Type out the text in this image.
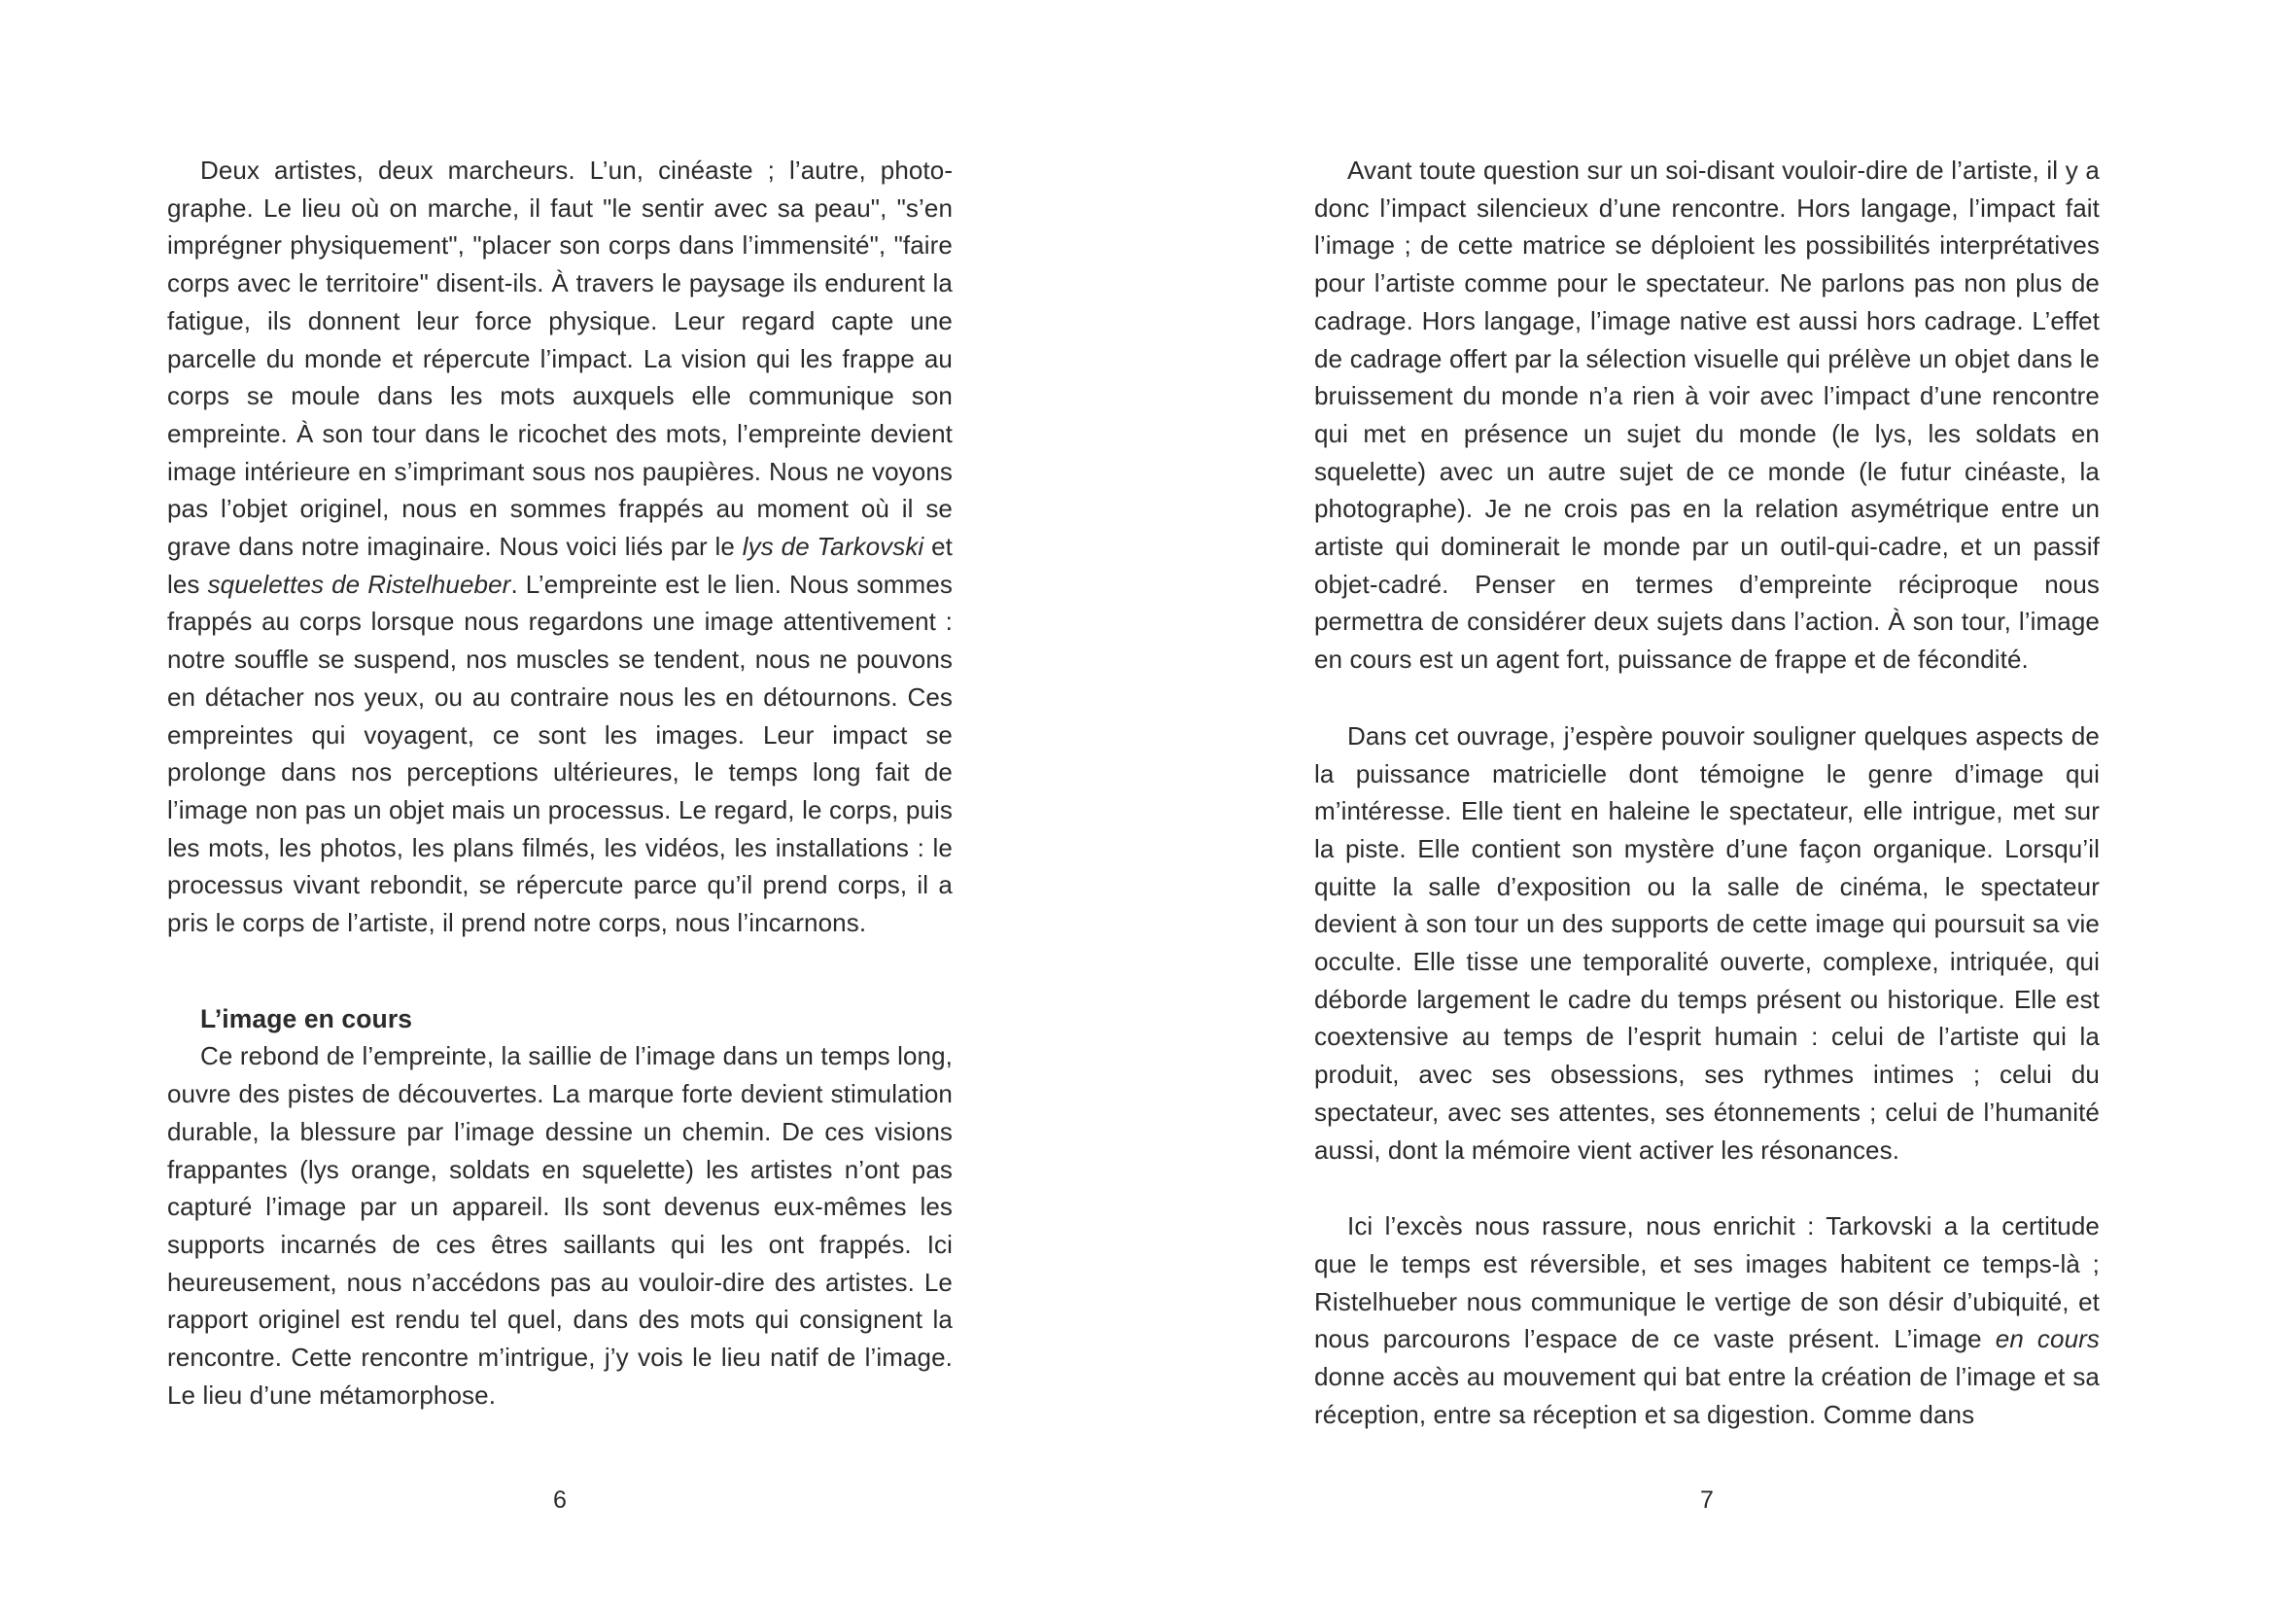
Deux artistes, deux marcheurs. L’un, cinéaste ; l’autre, photographe. Le lieu où on marche, il faut "le sentir avec sa peau", "s’en imprégner physiquement", "placer son corps dans l’immensité", "faire corps avec le territoire" disent-ils. À travers le paysage ils endurent la fatigue, ils donnent leur force physique. Leur regard capte une parcelle du monde et répercute l’impact. La vision qui les frappe au corps se moule dans les mots auxquels elle communique son empreinte. À son tour dans le ricochet des mots, l’empreinte devient image intérieure en s’imprimant sous nos paupières. Nous ne voyons pas l’objet originel, nous en sommes frappés au moment où il se grave dans notre imaginaire. Nous voici liés par le lys de Tarkovski et les squelettes de Ristelhueber. L’empreinte est le lien. Nous sommes frappés au corps lorsque nous regardons une image attentivement : notre souffle se suspend, nos muscles se tendent, nous ne pouvons en détacher nos yeux, ou au contraire nous les en détournons. Ces empreintes qui voyagent, ce sont les images. Leur impact se prolonge dans nos perceptions ultérieures, le temps long fait de l’image non pas un objet mais un processus. Le regard, le corps, puis les mots, les photos, les plans filmés, les vidéos, les installations : le processus vivant rebondit, se répercute parce qu’il prend corps, il a pris le corps de l’artiste, il prend notre corps, nous l’incarnons.

L’image en cours

Ce rebond de l’empreinte, la saillie de l’image dans un temps long, ouvre des pistes de découvertes. La marque forte devient stimulation durable, la blessure par l’image dessine un chemin. De ces visions frappantes (lys orange, soldats en squelette) les artistes n’ont pas capturé l’image par un appareil. Ils sont devenus eux-mêmes les supports incarnés de ces êtres saillants qui les ont frappés. Ici heureusement, nous n’accédons pas au vouloir-dire des artistes. Le rapport originel est rendu tel quel, dans des mots qui consignent la rencontre. Cette rencontre m’intrigue, j’y vois le lieu natif de l’image. Le lieu d’une métamorphose.

6

Avant toute question sur un soi-disant vouloir-dire de l’artiste, il y a donc l’impact silencieux d’une rencontre. Hors langage, l’impact fait l’image ; de cette matrice se déploient les possibilités interprétatives pour l’artiste comme pour le spectateur. Ne parlons pas non plus de cadrage. Hors langage, l’image native est aussi hors cadrage. L’effet de cadrage offert par la sélection visuelle qui prélève un objet dans le bruissement du monde n’a rien à voir avec l’impact d’une rencontre qui met en présence un sujet du monde (le lys, les soldats en squelette) avec un autre sujet de ce monde (le futur cinéaste, la photographe). Je ne crois pas en la relation asymétrique entre un artiste qui dominerait le monde par un outil-qui-cadre, et un passif objet-cadré. Penser en termes d’empreinte réciproque nous permettra de considérer deux sujets dans l’action. À son tour, l’image en cours est un agent fort, puissance de frappe et de fécondité.

Dans cet ouvrage, j’espère pouvoir souligner quelques aspects de la puissance matricielle dont témoigne le genre d’image qui m’intéresse. Elle tient en haleine le spectateur, elle intrigue, met sur la piste. Elle contient son mystère d’une façon organique. Lorsqu’il quitte la salle d’exposition ou la salle de cinéma, le spectateur devient à son tour un des supports de cette image qui poursuit sa vie occulte. Elle tisse une temporalité ouverte, complexe, intriquée, qui déborde largement le cadre du temps présent ou historique. Elle est coextensive au temps de l’esprit humain : celui de l’artiste qui la produit, avec ses obsessions, ses rythmes intimes ; celui du spectateur, avec ses attentes, ses étonnements ; celui de l’humanité aussi, dont la mémoire vient activer les résonances.

Ici l’excès nous rassure, nous enrichit : Tarkovski a la certitude que le temps est réversible, et ses images habitent ce temps-là ; Ristelhueber nous communique le vertige de son désir d’ubiquité, et nous parcourons l’espace de ce vaste présent. L’image en cours donne accès au mouvement qui bat entre la création de l’image et sa réception, entre sa réception et sa digestion. Comme dans

7
